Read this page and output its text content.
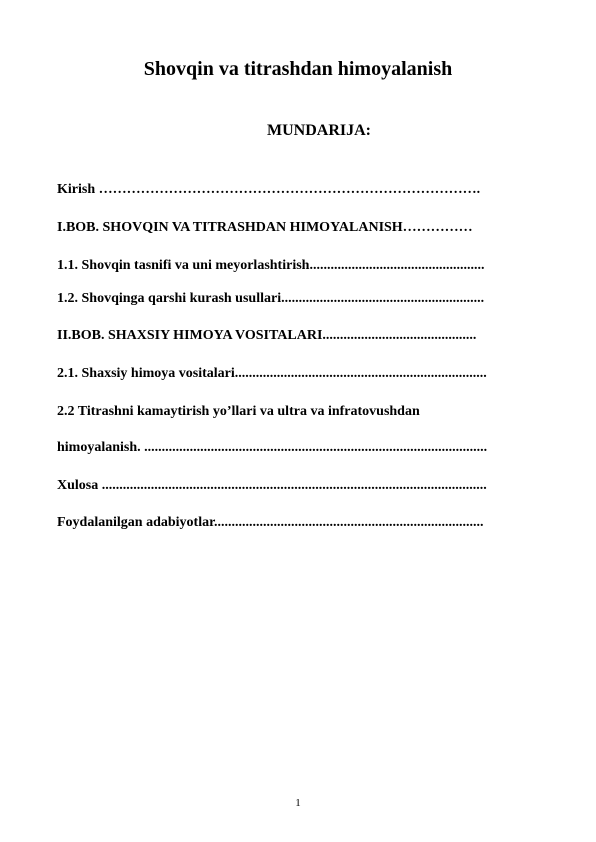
Shovqin va titrashdan himoyalanish
MUNDARIJA:
Kirish ……………………………………………………………………….
I.BOB. SHOVQIN VA TITRASHDAN HIMOYALANISH……………
1.1. Shovqin tasnifi va uni meyorlashtirish..................................................
1.2. Shovqinga qarshi kurash usullari..........................................................
II.BOB. SHAXSIY HIMOYA VOSITALARI............................................
2.1. Shaxsiy himoya vositalari........................................................................
2.2 Titrashni kamaytirish yo’llari va ultra va infratovushdan
himoyalanish. ..................................................................................................
Xulosa ..............................................................................................................
Foydalanilgan adabiyotlar.............................................................................
1
